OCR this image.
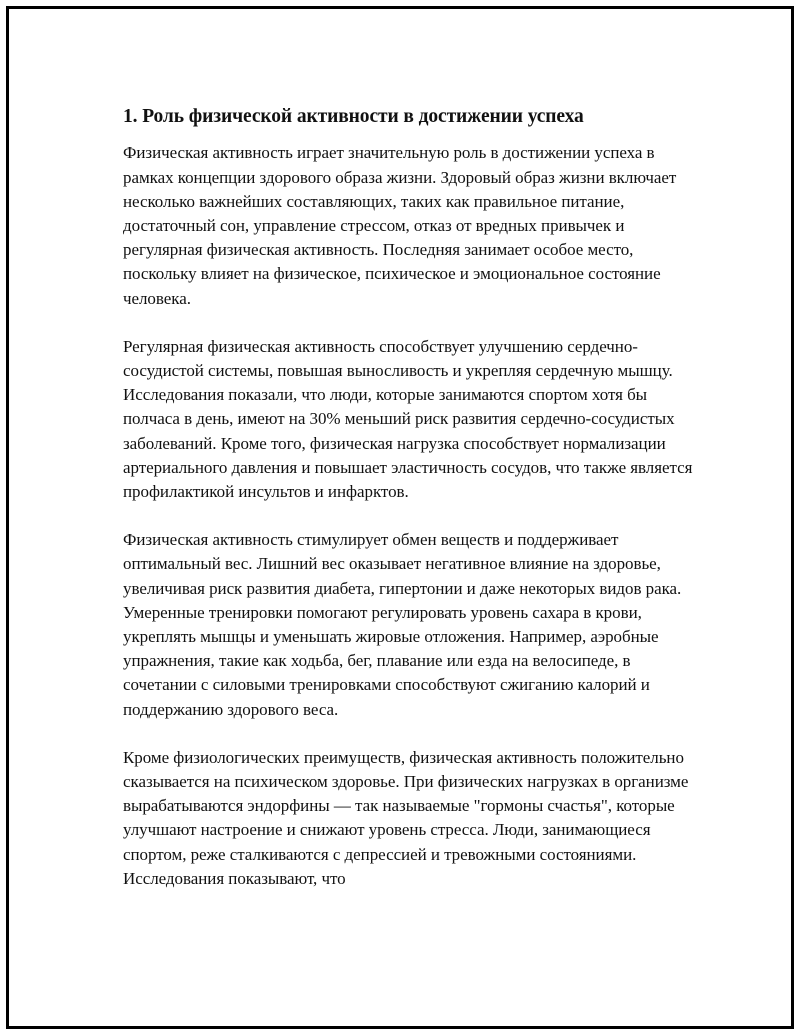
1. Роль физической активности в достижении успеха

Физическая активность играет значительную роль в достижении успеха в рамках концепции здорового образа жизни. Здоровый образ жизни включает несколько важнейших составляющих, таких как правильное питание, достаточный сон, управление стрессом, отказ от вредных привычек и регулярная физическая активность. Последняя занимает особое место, поскольку влияет на физическое, психическое и эмоциональное состояние человека.

Регулярная физическая активность способствует улучшению сердечно-сосудистой системы, повышая выносливость и укрепляя сердечную мышцу. Исследования показали, что люди, которые занимаются спортом хотя бы полчаса в день, имеют на 30% меньший риск развития сердечно-сосудистых заболеваний. Кроме того, физическая нагрузка способствует нормализации артериального давления и повышает эластичность сосудов, что также является профилактикой инсультов и инфарктов.

Физическая активность стимулирует обмен веществ и поддерживает оптимальный вес. Лишний вес оказывает негативное влияние на здоровье, увеличивая риск развития диабета, гипертонии и даже некоторых видов рака. Умеренные тренировки помогают регулировать уровень сахара в крови, укреплять мышцы и уменьшать жировые отложения. Например, аэробные упражнения, такие как ходьба, бег, плавание или езда на велосипеде, в сочетании с силовыми тренировками способствуют сжиганию калорий и поддержанию здорового веса.

Кроме физиологических преимуществ, физическая активность положительно сказывается на психическом здоровье. При физических нагрузках в организме вырабатываются эндорфины — так называемые "гормоны счастья", которые улучшают настроение и снижают уровень стресса. Люди, занимающиеся спортом, реже сталкиваются с депрессией и тревожными состояниями. Исследования показывают, что
